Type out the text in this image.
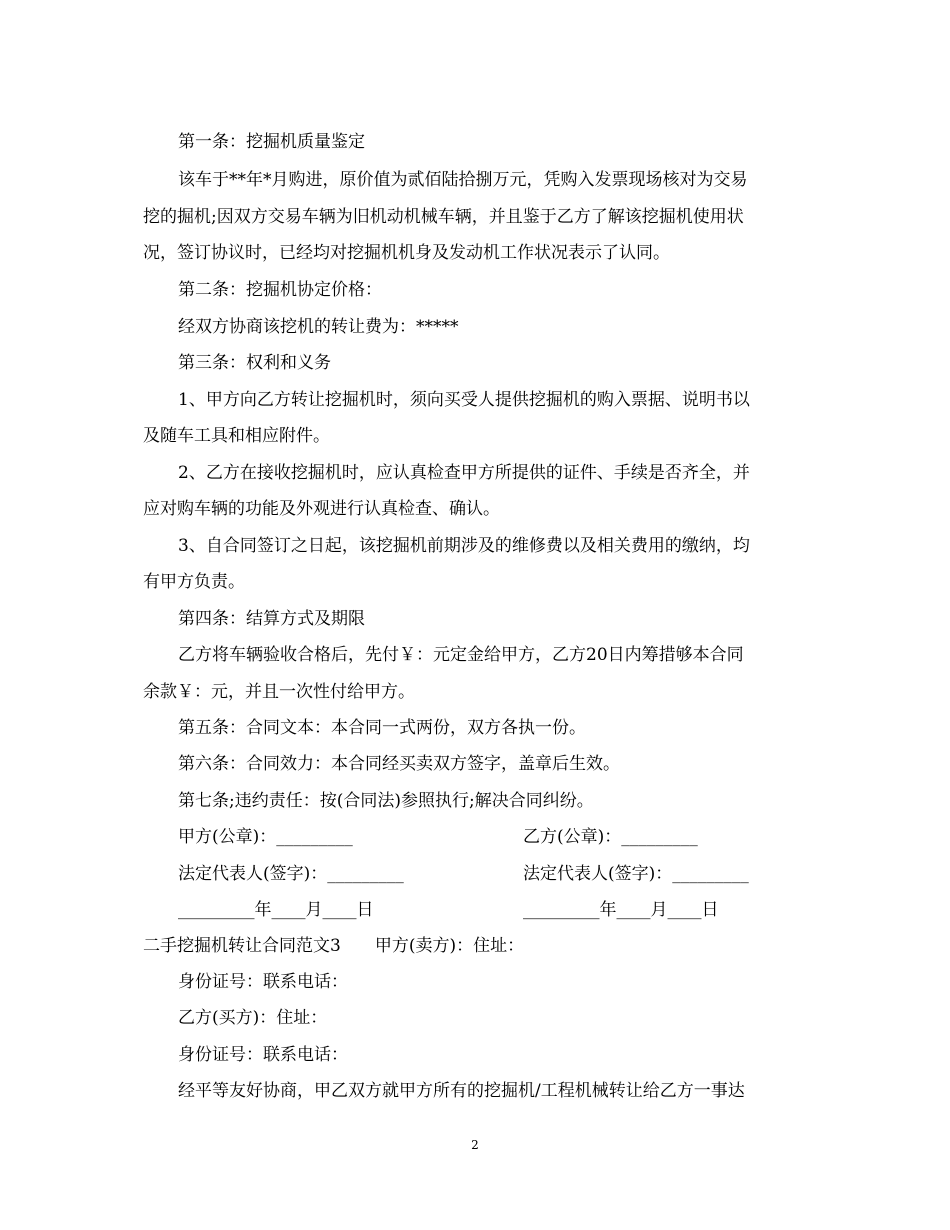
第一条：挖掘机质量鉴定
该车于**年*月购进，原价值为贰佰陆拾捌万元，凭购入发票现场核对为交易
挖的掘机;因双方交易车辆为旧机动机械车辆，并且鉴于乙方了解该挖掘机使用状
况，签订协议时，已经均对挖掘机机身及发动机工作状况表示了认同。
第二条：挖掘机协定价格：
经双方协商该挖机的转让费为：*****
第三条：权利和义务
1、甲方向乙方转让挖掘机时，须向买受人提供挖掘机的购入票据、说明书以
及随车工具和相应附件。
2、乙方在接收挖掘机时，应认真检查甲方所提供的证件、手续是否齐全，并
应对购车辆的功能及外观进行认真检查、确认。
3、自合同签订之日起，该挖掘机前期涉及的维修费以及相关费用的缴纳，均
有甲方负责。
第四条：结算方式及期限
乙方将车辆验收合格后，先付￥：元定金给甲方，乙方20日内筹措够本合同
余款￥：元，并且一次性付给甲方。
第五条：合同文本：本合同一式两份，双方各执一份。
第六条：合同效力：本合同经买卖双方签字，盖章后生效。
第七条;违约责任：按(合同法)参照执行;解决合同纠纷。
甲方(公章)：_________	乙方(公章)：_________
法定代表人(签字)：_________	法定代表人(签字)：_________
_________年____月____日	_________年____月____日
二手挖掘机转让合同范文3　　甲方(卖方)：住址：
身份证号：联系电话：
乙方(买方)：住址：
身份证号：联系电话：
经平等友好协商，甲乙双方就甲方所有的挖掘机/工程机械转让给乙方一事达
2
